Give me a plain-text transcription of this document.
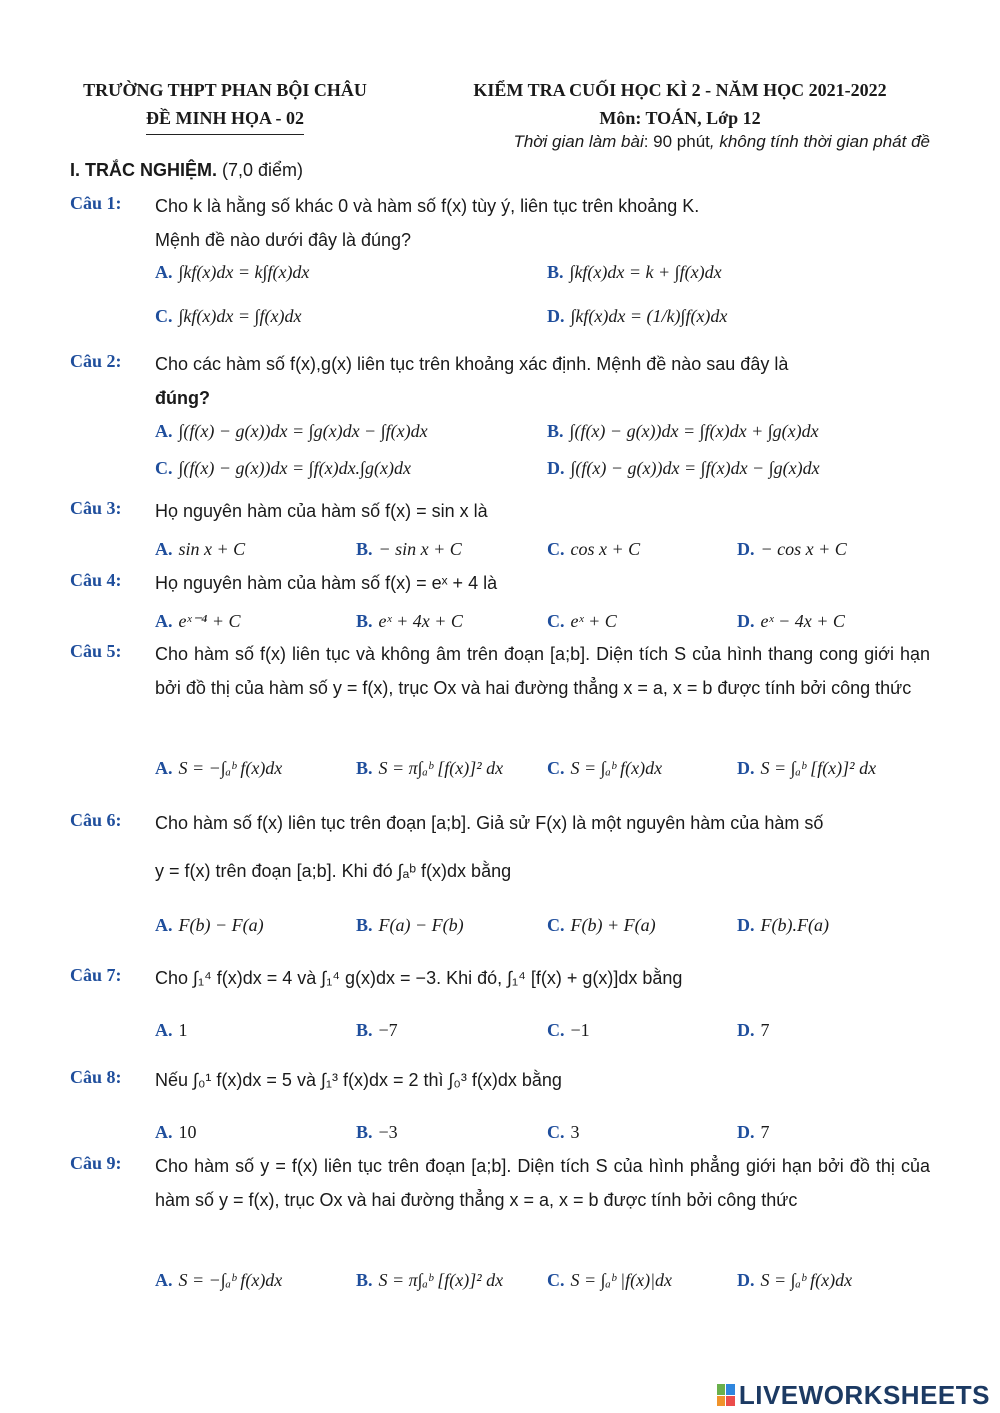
TRƯỜNG THPT PHAN BỘI CHÂU
ĐỀ MINH HỌA - 02
KIỂM TRA CUỐI HỌC KÌ 2 - NĂM HỌC 2021-2022
Môn: TOÁN, Lớp 12
Thời gian làm bài: 90 phút, không tính thời gian phát đề
I. TRẮC NGHIỆM. (7,0 điểm)
Câu 1:	Cho k là hằng số khác 0 và hàm số f(x) tùy ý, liên tục trên khoảng K.
Mệnh đề nào dưới đây là đúng?
A. ∫kf(x)dx = k∫f(x)dx	B. ∫kf(x)dx = k + ∫f(x)dx
C. ∫kf(x)dx = ∫f(x)dx	D. ∫kf(x)dx = (1/k)∫f(x)dx
Câu 2:	Cho các hàm số f(x),g(x) liên tục trên khoảng xác định. Mệnh đề nào sau đây là
đúng?
A. ∫(f(x) − g(x))dx = ∫g(x)dx − ∫f(x)dx	B. ∫(f(x) − g(x))dx = ∫f(x)dx + ∫g(x)dx
C. ∫(f(x) − g(x))dx = ∫f(x)dx.∫g(x)dx	D. ∫(f(x) − g(x))dx = ∫f(x)dx − ∫g(x)dx
Câu 3:	Họ nguyên hàm của hàm số f(x) = sin x là
A. sin x + C	B. − sin x + C	C. cos x + C	D. − cos x + C
Câu 4:	Họ nguyên hàm của hàm số f(x) = eˣ + 4 là
A. eˣ⁻⁴ + C	B. eˣ + 4x + C	C. eˣ + C	D. eˣ − 4x + C
Câu 5:	Cho hàm số f(x) liên tục và không âm trên đoạn [a;b]. Diện tích S của hình thang cong giới hạn bởi đồ thị của hàm số y = f(x), trục Ox và hai đường thẳng x = a, x = b được tính bởi công thức
A. S = −∫ₐᵇ f(x)dx	B. S = π∫ₐᵇ [f(x)]² dx C. S = ∫ₐᵇ f(x)dx	D. S = ∫ₐᵇ [f(x)]² dx
Câu 6:	Cho hàm số f(x) liên tục trên đoạn [a;b]. Giả sử F(x) là một nguyên hàm của hàm số
y = f(x) trên đoạn [a;b]. Khi đó ∫ₐᵇ f(x)dx bằng
A. F(b) − F(a)	B. F(a) − F(b)	C. F(b) + F(a)	D. F(b).F(a)
Câu 7:	Cho ∫₁⁴ f(x)dx = 4 và ∫₁⁴ g(x)dx = −3. Khi đó, ∫₁⁴ [f(x) + g(x)]dx bằng
A. 1	B. −7	C. −1	D. 7
Câu 8:	Nếu ∫₀¹ f(x)dx = 5 và ∫₁³ f(x)dx = 2 thì ∫₀³ f(x)dx bằng
A. 10	B. −3	C. 3	D. 7
Câu 9:	Cho hàm số y = f(x) liên tục trên đoạn [a;b]. Diện tích S của hình phẳng giới hạn bởi đồ thị của hàm số y = f(x), trục Ox và hai đường thẳng x = a, x = b được tính bởi công thức
A. S = −∫ₐᵇ f(x)dx	B. S = π∫ₐᵇ [f(x)]² dx C. S = ∫ₐᵇ |f(x)|dx	D. S = ∫ₐᵇ f(x)dx
LIVEWORKSHEETS
